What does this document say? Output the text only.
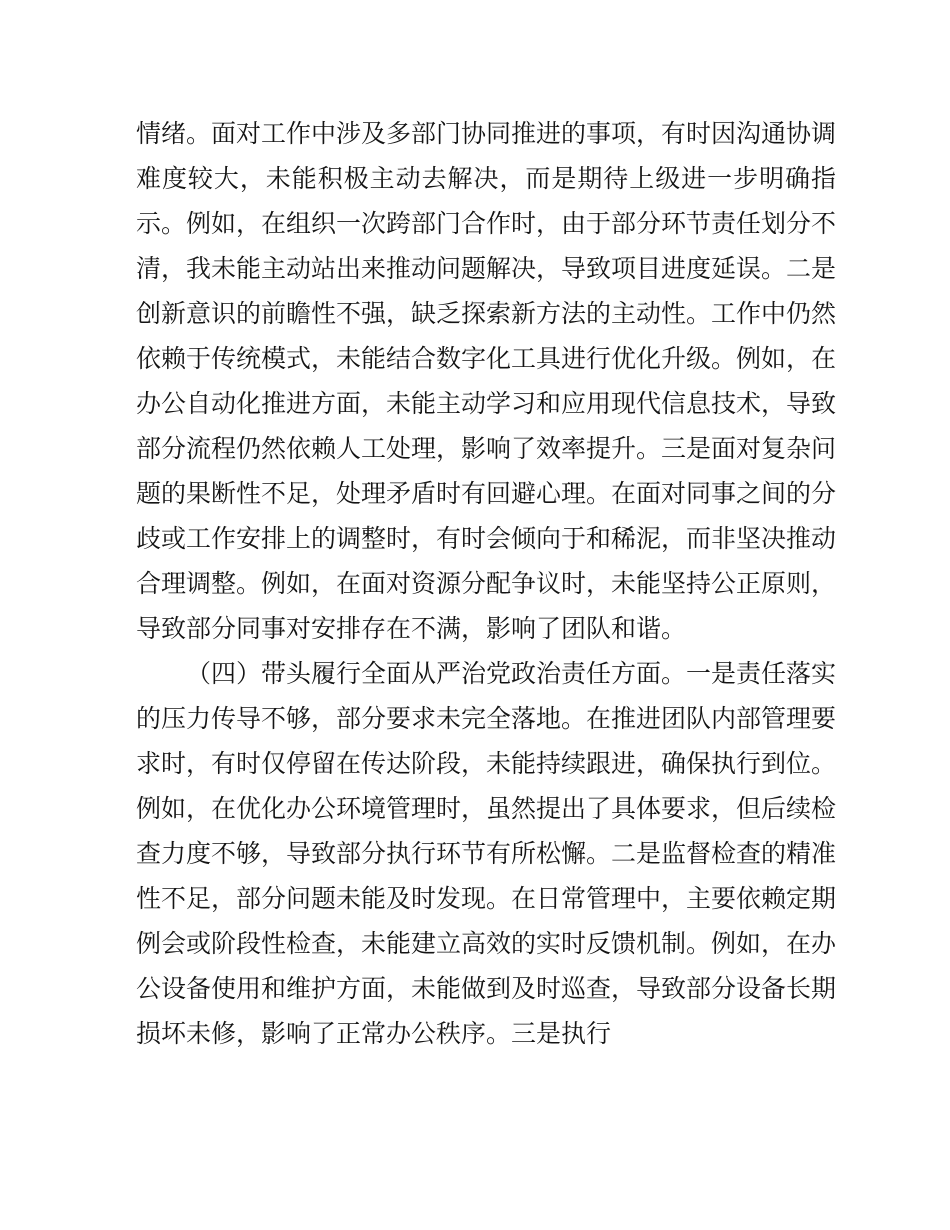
情绪。面对工作中涉及多部门协同推进的事项，有时因沟通协调难度较大，未能积极主动去解决，而是期待上级进一步明确指示。例如，在组织一次跨部门合作时，由于部分环节责任划分不清，我未能主动站出来推动问题解决，导致项目进度延误。二是创新意识的前瞻性不强，缺乏探索新方法的主动性。工作中仍然依赖于传统模式，未能结合数字化工具进行优化升级。例如，在办公自动化推进方面，未能主动学习和应用现代信息技术，导致部分流程仍然依赖人工处理，影响了效率提升。三是面对复杂问题的果断性不足，处理矛盾时有回避心理。在面对同事之间的分歧或工作安排上的调整时，有时会倾向于和稀泥，而非坚决推动合理调整。例如，在面对资源分配争议时，未能坚持公正原则，导致部分同事对安排存在不满，影响了团队和谐。

（四）带头履行全面从严治党政治责任方面。一是责任落实的压力传导不够，部分要求未完全落地。在推进团队内部管理要求时，有时仅停留在传达阶段，未能持续跟进，确保执行到位。例如，在优化办公环境管理时，虽然提出了具体要求，但后续检查力度不够，导致部分执行环节有所松懈。二是监督检查的精准性不足，部分问题未能及时发现。在日常管理中，主要依赖定期例会或阶段性检查，未能建立高效的实时反馈机制。例如，在办公设备使用和维护方面，未能做到及时巡查，导致部分设备长期损坏未修，影响了正常办公秩序。三是执行
